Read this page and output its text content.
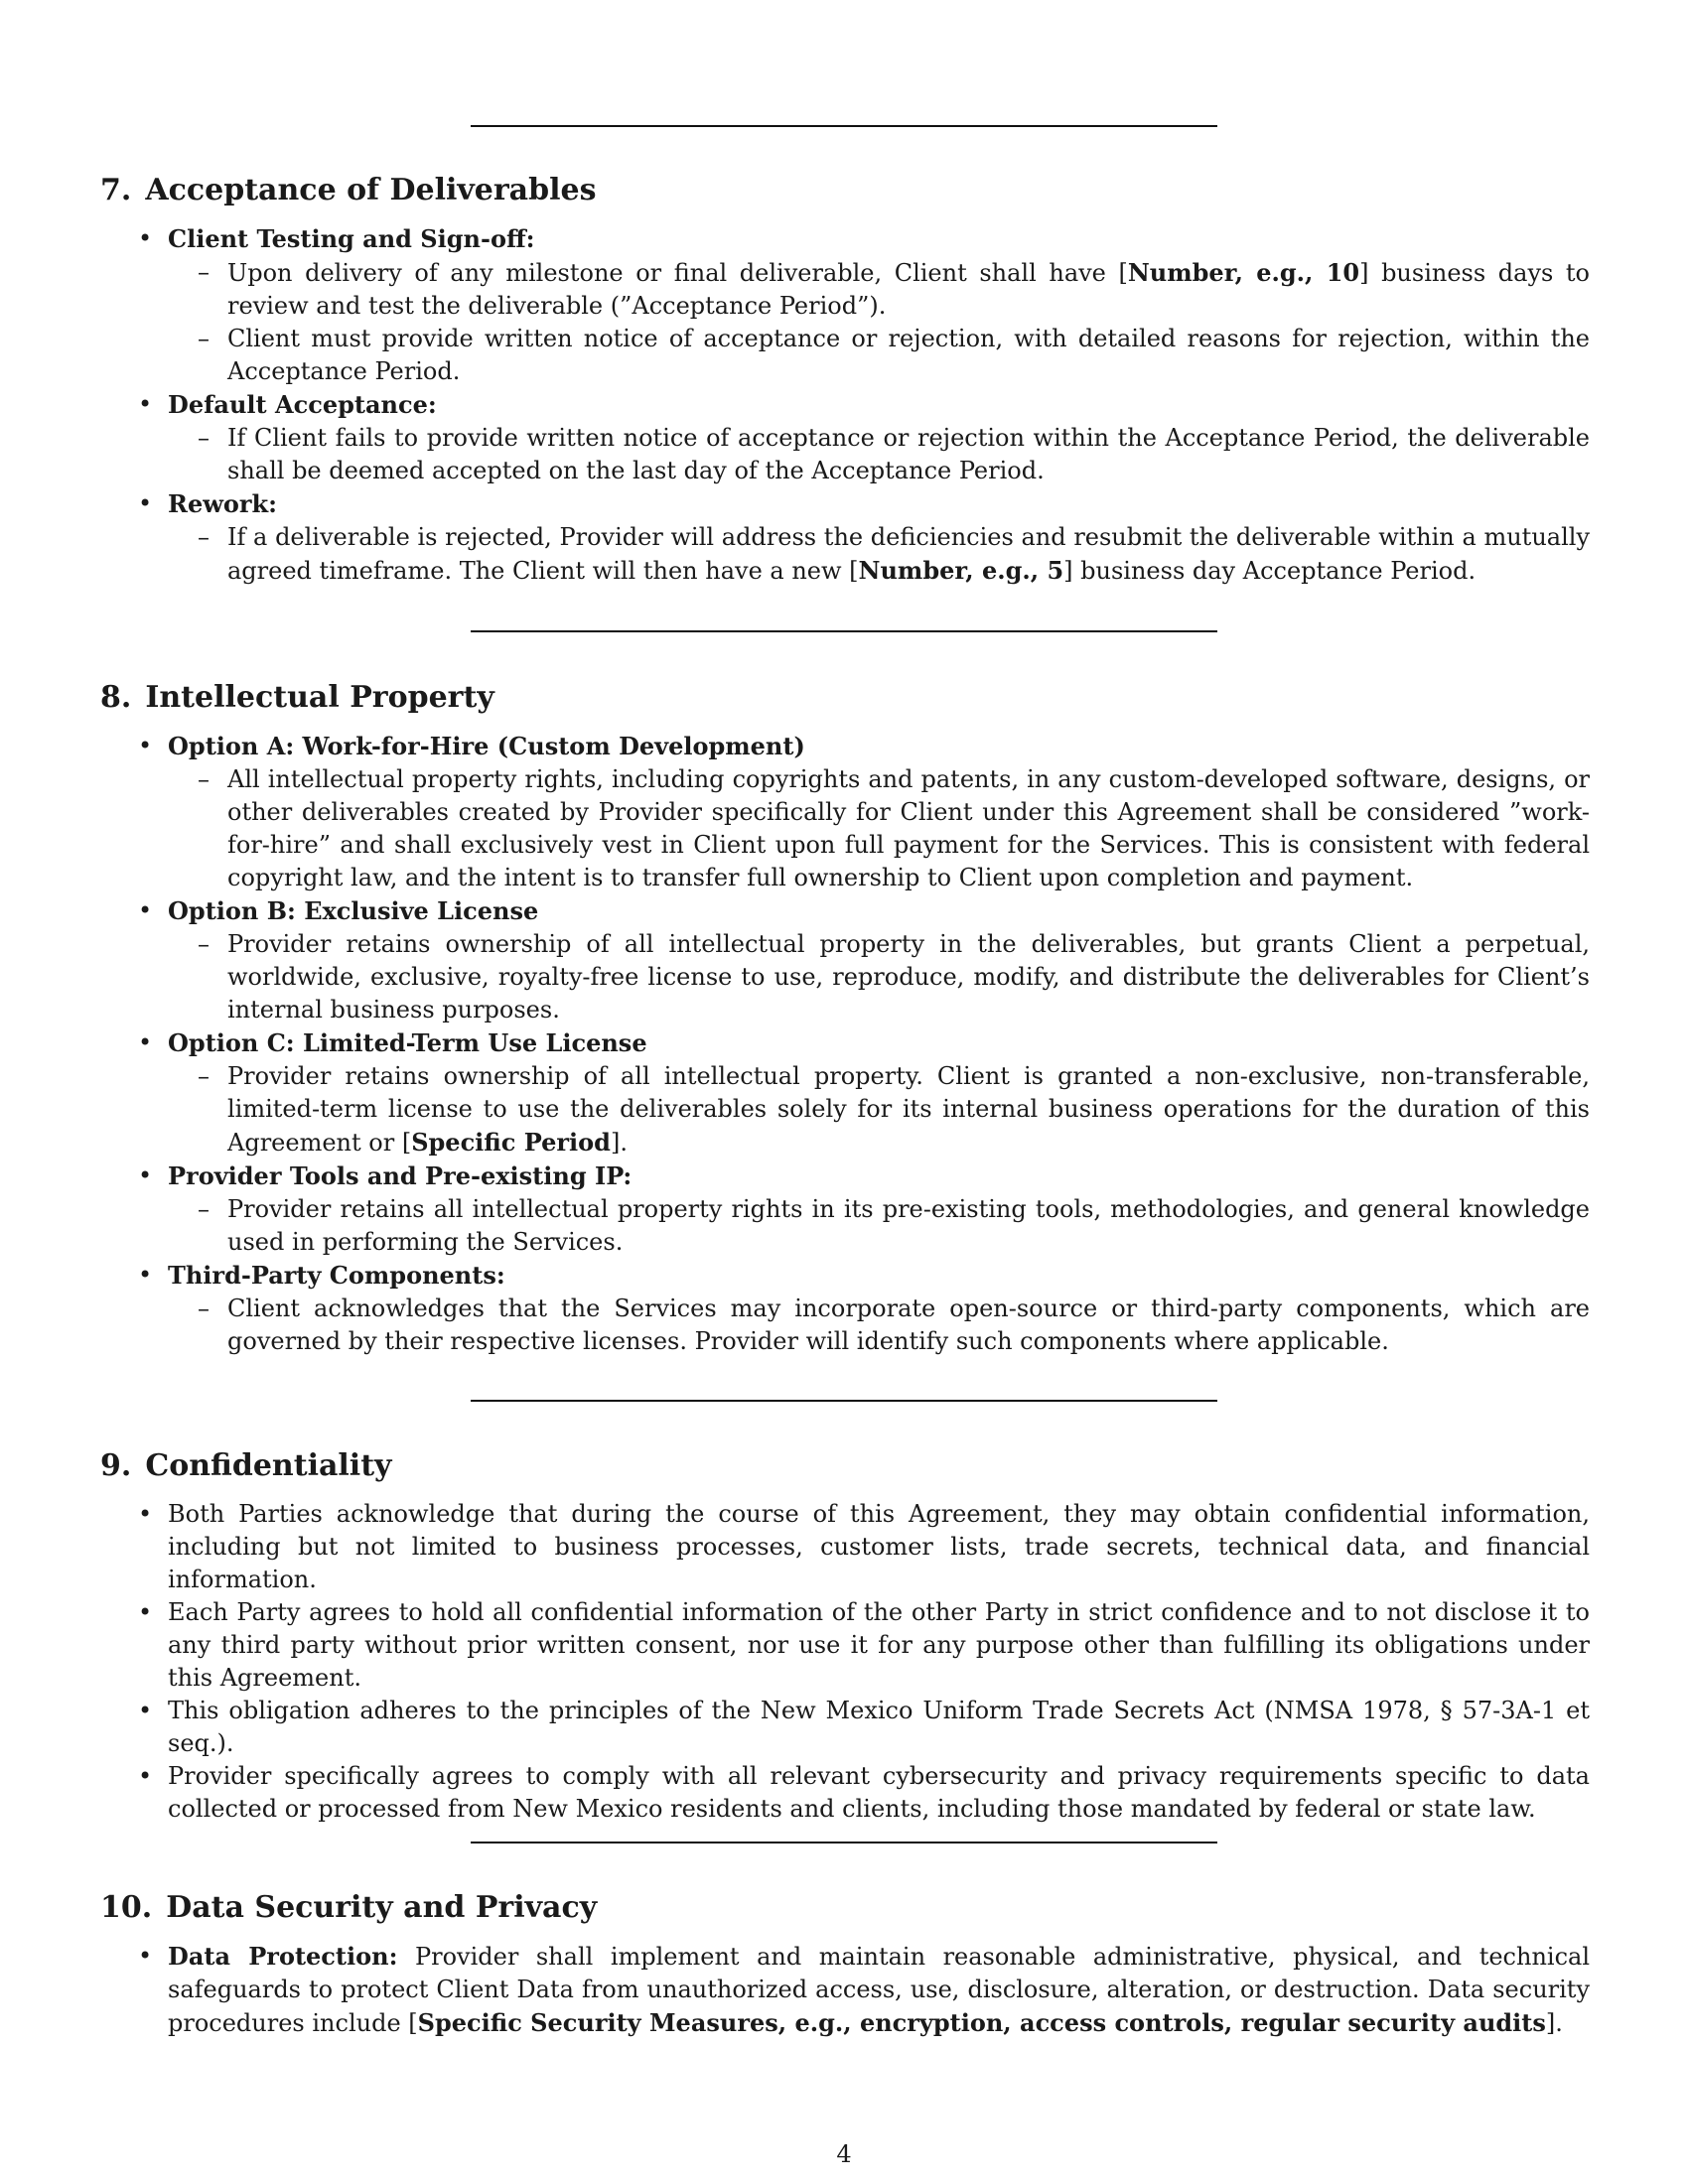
7. Acceptance of Deliverables
• Client Testing and Sign-off:
– Upon delivery of any milestone or final deliverable, Client shall have [Number, e.g., 10] business days to review and test the deliverable (”Acceptance Period”).
– Client must provide written notice of acceptance or rejection, with detailed reasons for rejection, within the Acceptance Period.
• Default Acceptance:
– If Client fails to provide written notice of acceptance or rejection within the Acceptance Period, the deliverable shall be deemed accepted on the last day of the Acceptance Period.
• Rework:
– If a deliverable is rejected, Provider will address the deficiencies and resubmit the deliverable within a mutually agreed timeframe. The Client will then have a new [Number, e.g., 5] business day Acceptance Period.
8. Intellectual Property
• Option A: Work-for-Hire (Custom Development)
– All intellectual property rights, including copyrights and patents, in any custom-developed software, designs, or other deliverables created by Provider specifically for Client under this Agreement shall be considered ”work-for-hire” and shall exclusively vest in Client upon full payment for the Services. This is consistent with federal copyright law, and the intent is to transfer full ownership to Client upon completion and payment.
• Option B: Exclusive License
– Provider retains ownership of all intellectual property in the deliverables, but grants Client a perpetual, worldwide, exclusive, royalty-free license to use, reproduce, modify, and distribute the deliverables for Client’s internal business purposes.
• Option C: Limited-Term Use License
– Provider retains ownership of all intellectual property. Client is granted a non-exclusive, non-transferable, limited-term license to use the deliverables solely for its internal business operations for the duration of this Agreement or [Specific Period].
• Provider Tools and Pre-existing IP:
– Provider retains all intellectual property rights in its pre-existing tools, methodologies, and general knowledge used in performing the Services.
• Third-Party Components:
– Client acknowledges that the Services may incorporate open-source or third-party components, which are governed by their respective licenses. Provider will identify such components where applicable.
9. Confidentiality
• Both Parties acknowledge that during the course of this Agreement, they may obtain confidential information, including but not limited to business processes, customer lists, trade secrets, technical data, and financial information.
• Each Party agrees to hold all confidential information of the other Party in strict confidence and to not disclose it to any third party without prior written consent, nor use it for any purpose other than fulfilling its obligations under this Agreement.
• This obligation adheres to the principles of the New Mexico Uniform Trade Secrets Act (NMSA 1978, § 57-3A-1 et seq.).
• Provider specifically agrees to comply with all relevant cybersecurity and privacy requirements specific to data collected or processed from New Mexico residents and clients, including those mandated by federal or state law.
10. Data Security and Privacy
• Data Protection: Provider shall implement and maintain reasonable administrative, physical, and technical safeguards to protect Client Data from unauthorized access, use, disclosure, alteration, or destruction. Data security procedures include [Specific Security Measures, e.g., encryption, access controls, regular security audits].
4
